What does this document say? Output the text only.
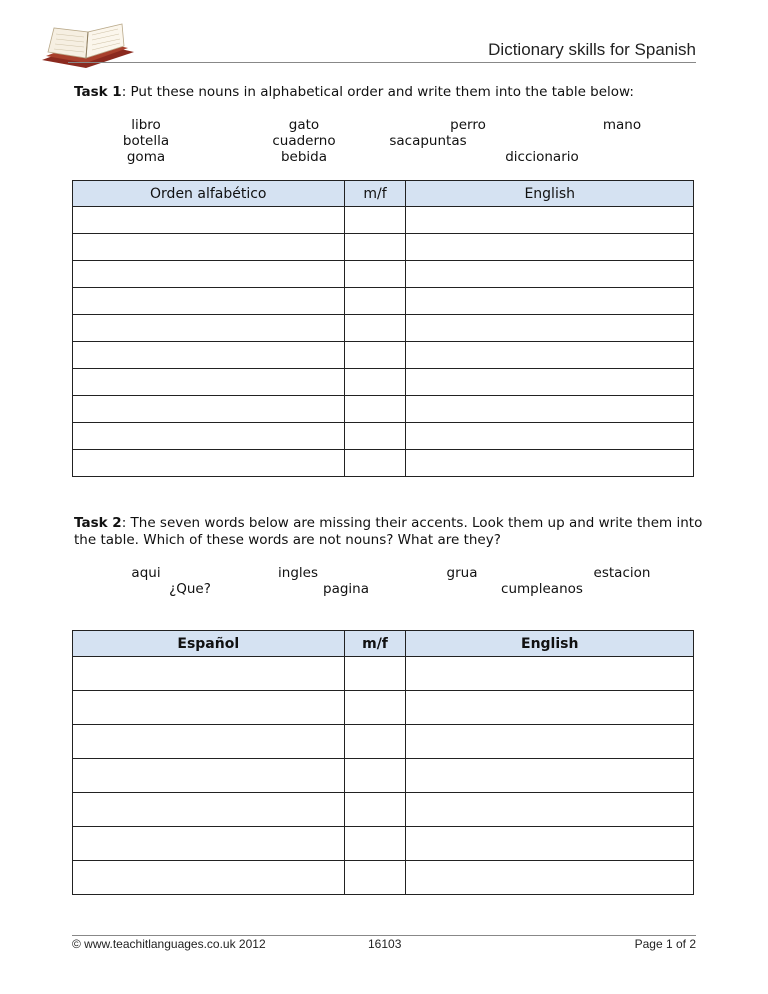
Dictionary skills for Spanish
Task 1: Put these nouns in alphabetical order and write them into the table below:
libro
botella
goma
gato
cuaderno
bebida
perro
sacapuntas
diccionario
mano
Orden alfabético	m/f	English

Task 2: The seven words below are missing their accents. Look them up and write them into the table. Which of these words are not nouns? What are they?
aqui
¿Que?
ingles
pagina
grua
cumpleanos
estacion
Español	m/f	English

© www.teachitlanguages.co.uk 2012	16103	Page 1 of 2
